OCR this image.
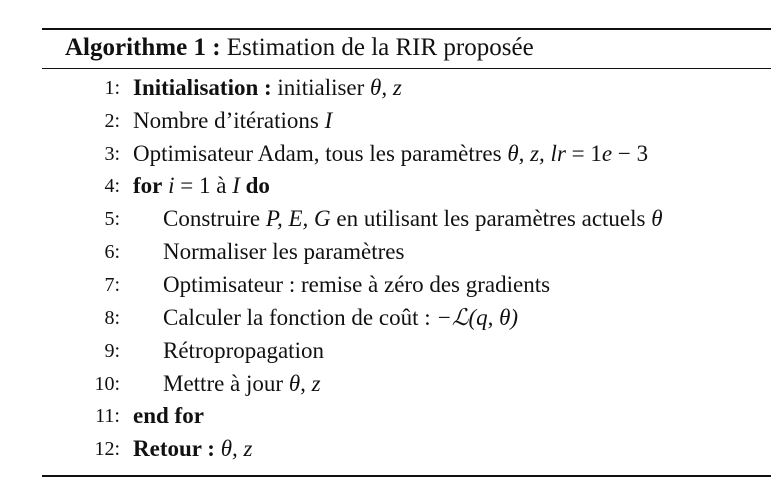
Algorithme 1 : Estimation de la RIR proposée
1: Initialisation : initialiser θ, z
2: Nombre d’itérations I
3: Optimisateur Adam, tous les paramètres θ, z, lr = 1e − 3
4: for i = 1 à I do
5: Construire P, E, G en utilisant les paramètres actuels θ
6: Normaliser les paramètres
7: Optimisateur : remise à zéro des gradients
8: Calculer la fonction de coût : −ℒ(q, θ)
9: Rétropropagation
10: Mettre à jour θ, z
11: end for
12: Retour : θ, z
